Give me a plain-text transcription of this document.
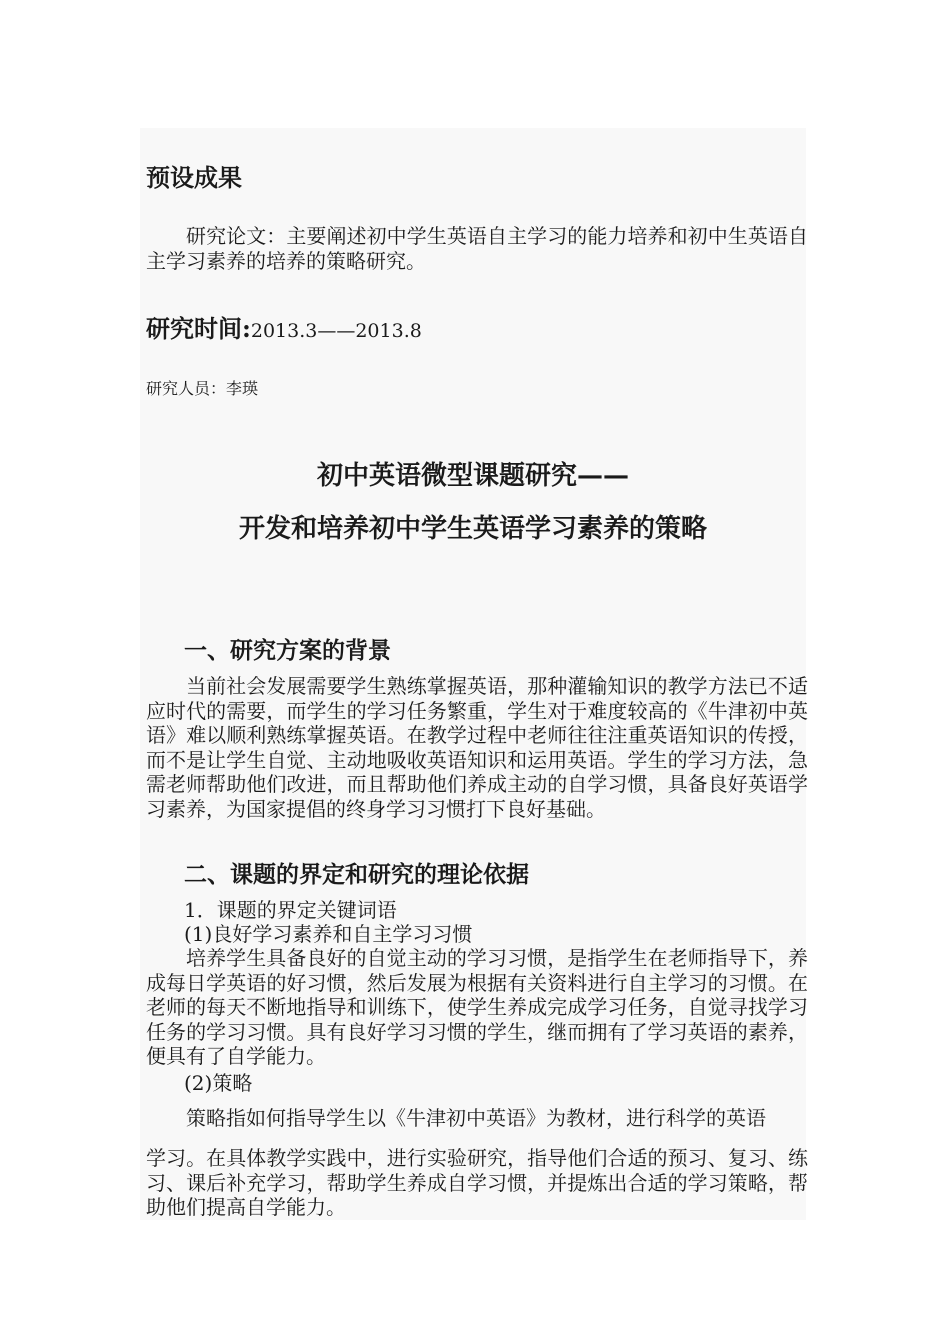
预设成果

研究论文：主要阐述初中学生英语自主学习的能力培养和初中生英语自主学习素养的培养的策略研究。

研究时间:2013.3——2013.8
研究人员：李瑛
初中英语微型课题研究——
开发和培养初中学生英语学习素养的策略
一、研究方案的背景

当前社会发展需要学生熟练掌握英语，那种灌输知识的教学方法已不适应时代的需要，而学生的学习任务繁重，学生对于难度较高的《牛津初中英语》难以顺利熟练掌握英语。在教学过程中老师往往注重英语知识的传授，而不是让学生自觉、主动地吸收英语知识和运用英语。学生的学习方法，急需老师帮助他们改进，而且帮助他们养成主动的自学习惯，具备良好英语学习素养，为国家提倡的终身学习习惯打下良好基础。

二、课题的界定和研究的理论依据

1．课题的界定关键词语

(1)良好学习素养和自主学习习惯

培养学生具备良好的自觉主动的学习习惯，是指学生在老师指导下，养成每日学英语的好习惯，然后发展为根据有关资料进行自主学习的习惯。在老师的每天不断地指导和训练下，使学生养成完成学习任务，自觉寻找学习任务的学习习惯。具有良好学习习惯的学生，继而拥有了学习英语的素养，便具有了自学能力。

(2)策略

策略指如何指导学生以《牛津初中英语》为教材，进行科学的英语

学习。在具体教学实践中，进行实验研究，指导他们合适的预习、复习、练习、课后补充学习，帮助学生养成自学习惯，并提炼出合适的学习策略，帮助他们提高自学能力。
